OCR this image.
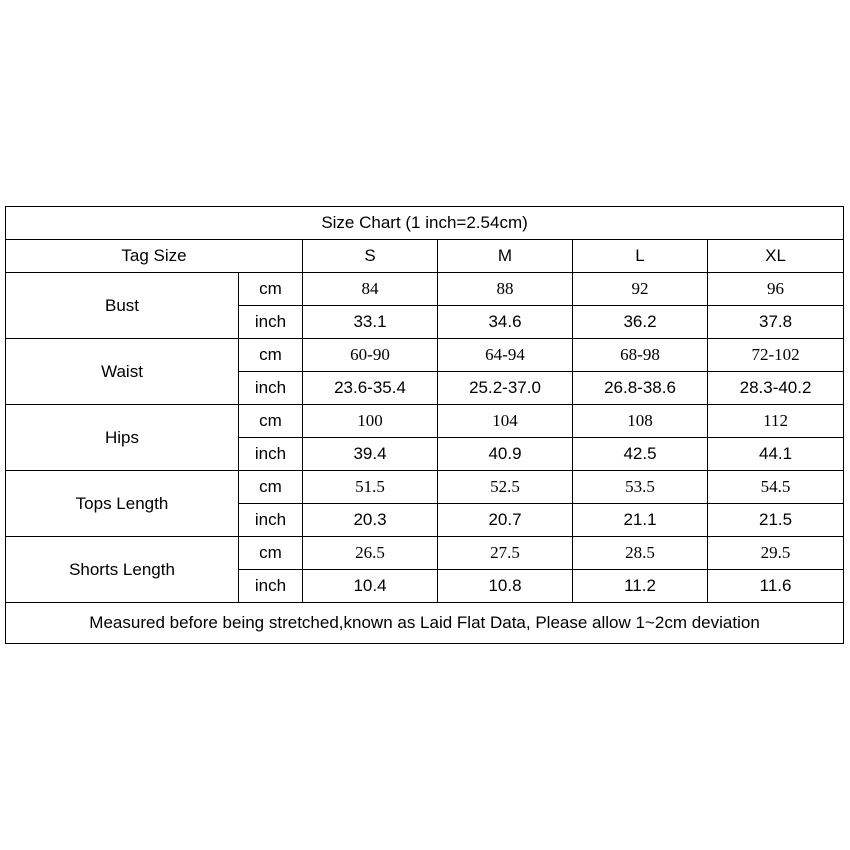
Size Chart (1 inch=2.54cm)					
Tag Size		S	M	L	XL
Bust	cm	84	88	92	96
	inch	33.1	34.6	36.2	37.8
Waist	cm	60-90	64-94	68-98	72-102
	inch	23.6-35.4	25.2-37.0	26.8-38.6	28.3-40.2
Hips	cm	100	104	108	112
	inch	39.4	40.9	42.5	44.1
Tops Length	cm	51.5	52.5	53.5	54.5
	inch	20.3	20.7	21.1	21.5
Shorts Length	cm	26.5	27.5	28.5	29.5
	inch	10.4	10.8	11.2	11.6
Measured before being stretched,known as Laid Flat Data, Please allow 1~2cm deviation					
